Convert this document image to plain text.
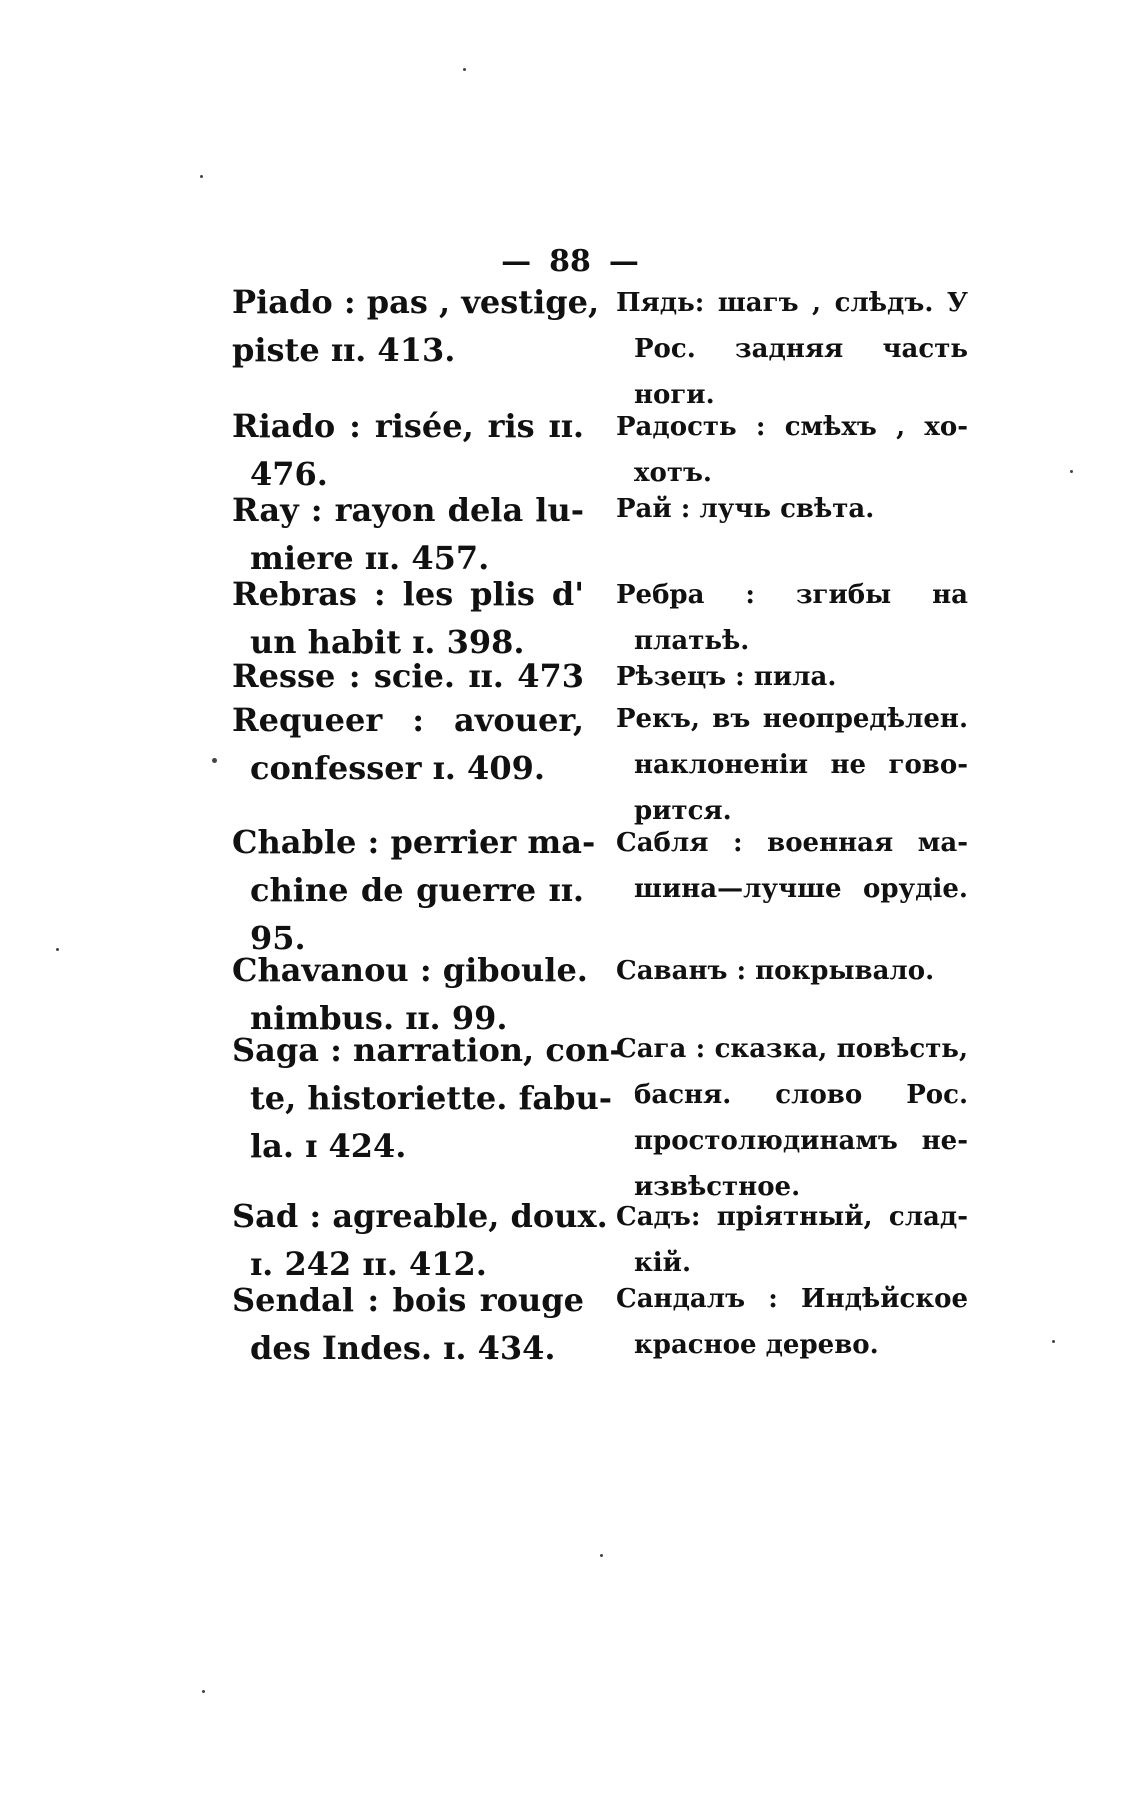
— 88 —
Piado : pas , vestige,
piste ɪɪ. 413.
Riado : risée, ris ɪɪ.
476.
Ray : rayon dela lu-
miere ɪɪ. 457.
Rebras : les plis d'
un habit ɪ. 398.
Resse : scie. ɪɪ. 473
Requeer : avouer,
confesser ɪ. 409.
Chable : perrier ma-
chine de guerre ɪɪ.
95.
Chavanou : giboule.
nimbus. ɪɪ. 99.
Saga : narration, con-
te, historiette. fabu-
la. ɪ 424.
Sad : agreable, doux.
ɪ. 242 ɪɪ. 412.
Sendal : bois rouge
des Indes. ɪ. 434.
Пядь: шагъ , слѣдъ. У
Рос. задняя часть
ноги.
Радость : смѣхъ , хо-
хотъ.
Рай : лучь свѣта.
Ребра : згибы на
платьѣ.
Рѣзецъ : пила.
Рекъ, въ неопредѣлен.
наклоненіи не гово-
рится.
Сабля : военная ма-
шина—лучше орудіе.
Саванъ : покрывало.
Сага : сказка, повѣсть,
басня. слово Рос.
простолюдинамъ не-
извѣстное.
Садъ: пріятный, слад-
кій.
Сандалъ : Индѣйское
красное дерево.
